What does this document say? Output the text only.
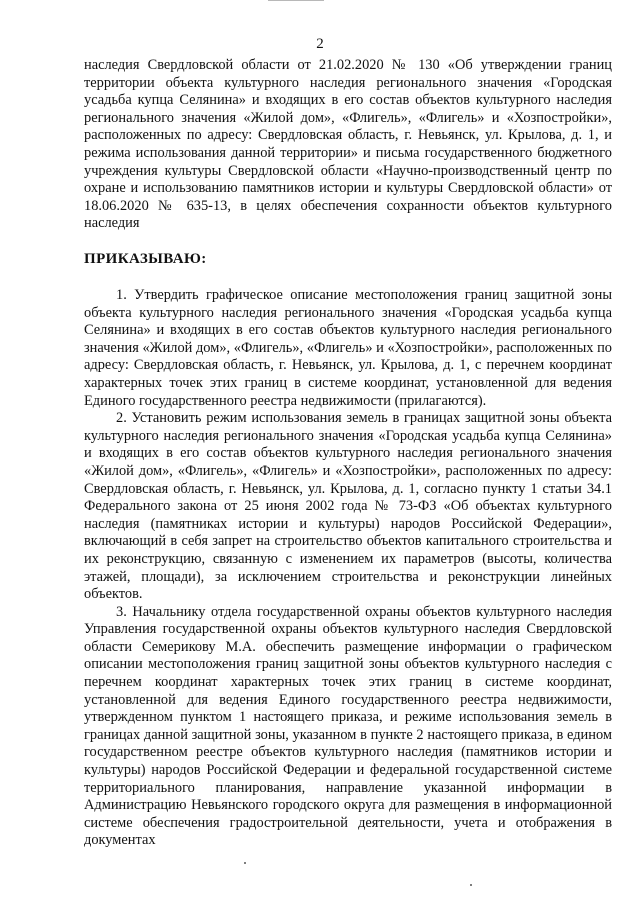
2

наследия Свердловской области от 21.02.2020 № 130 «Об утверждении границ территории объекта культурного наследия регионального значения «Городская усадьба купца Селянина» и входящих в его состав объектов культурного наследия регионального значения «Жилой дом», «Флигель», «Флигель» и «Хозпостройки», расположенных по адресу: Свердловская область, г. Невьянск, ул. Крылова, д. 1, и режима использования данной территории» и письма государственного бюджетного учреждения культуры Свердловской области «Научно-производственный центр по охране и использованию памятников истории и культуры Свердловской области» от 18.06.2020 № 635-13, в целях обеспечения сохранности объектов культурного наследия

ПРИКАЗЫВАЮ:

1. Утвердить графическое описание местоположения границ защитной зоны объекта культурного наследия регионального значения «Городская усадьба купца Селянина» и входящих в его состав объектов культурного наследия регионального значения «Жилой дом», «Флигель», «Флигель» и «Хозпостройки», расположенных по адресу: Свердловская область, г. Невьянск, ул. Крылова, д. 1, с перечнем координат характерных точек этих границ в системе координат, установленной для ведения Единого государственного реестра недвижимости (прилагаются).

2. Установить режим использования земель в границах защитной зоны объекта культурного наследия регионального значения «Городская усадьба купца Селянина» и входящих в его состав объектов культурного наследия регионального значения «Жилой дом», «Флигель», «Флигель» и «Хозпостройки», расположенных по адресу: Свердловская область, г. Невьянск, ул. Крылова, д. 1, согласно пункту 1 статьи 34.1 Федерального закона от 25 июня 2002 года № 73-ФЗ «Об объектах культурного наследия (памятниках истории и культуры) народов Российской Федерации», включающий в себя запрет на строительство объектов капитального строительства и их реконструкцию, связанную с изменением их параметров (высоты, количества этажей, площади), за исключением строительства и реконструкции линейных объектов.

3. Начальнику отдела государственной охраны объектов культурного наследия Управления государственной охраны объектов культурного наследия Свердловской области Семерикову М.А. обеспечить размещение информации о графическом описании местоположения границ защитной зоны объектов культурного наследия с перечнем координат характерных точек этих границ в системе координат, установленной для ведения Единого государственного реестра недвижимости, утвержденном пунктом 1 настоящего приказа, и режиме использования земель в границах данной защитной зоны, указанном в пункте 2 настоящего приказа, в едином государственном реестре объектов культурного наследия (памятников истории и культуры) народов Российской Федерации и федеральной государственной системе территориального планирования, направление указанной информации в Администрацию Невьянского городского округа для размещения в информационной системе обеспечения градостроительной деятельности, учета и отображения в документах
